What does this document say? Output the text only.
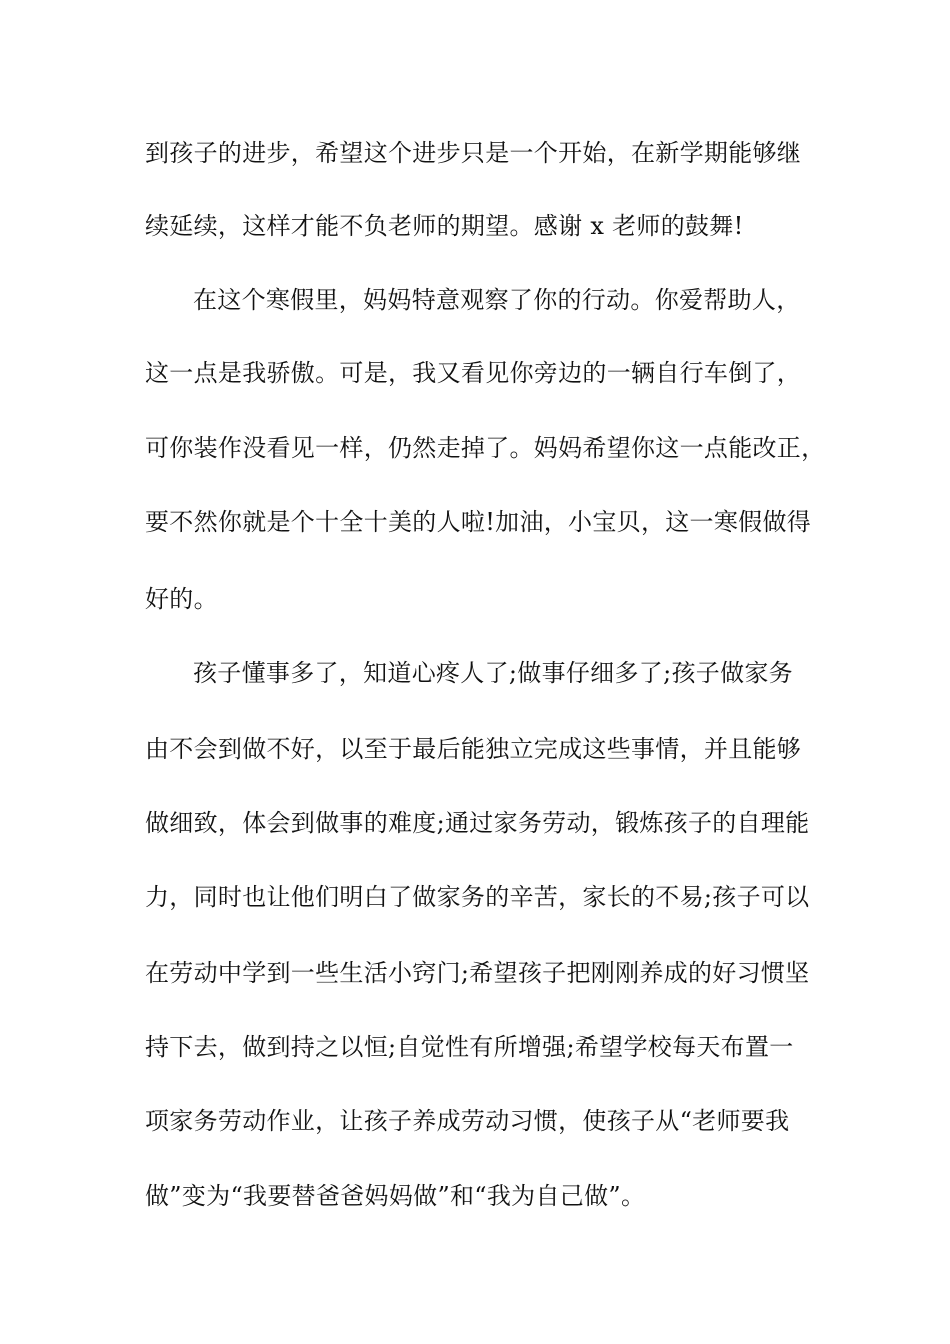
到孩子的进步，希望这个进步只是一个开始，在新学期能够继
续延续，这样才能不负老师的期望。感谢 x 老师的鼓舞!
在这个寒假里，妈妈特意观察了你的行动。你爱帮助人，
这一点是我骄傲。可是，我又看见你旁边的一辆自行车倒了，
可你装作没看见一样，仍然走掉了。妈妈希望你这一点能改正，
要不然你就是个十全十美的人啦!加油，小宝贝，这一寒假做得
好的。
孩子懂事多了，知道心疼人了;做事仔细多了;孩子做家务
由不会到做不好，以至于最后能独立完成这些事情，并且能够
做细致，体会到做事的难度;通过家务劳动，锻炼孩子的自理能
力，同时也让他们明白了做家务的辛苦，家长的不易;孩子可以
在劳动中学到一些生活小窍门;希望孩子把刚刚养成的好习惯坚
持下去，做到持之以恒;自觉性有所增强;希望学校每天布置一
项家务劳动作业，让孩子养成劳动习惯，使孩子从“老师要我
做”变为“我要替爸爸妈妈做”和“我为自己做”。
